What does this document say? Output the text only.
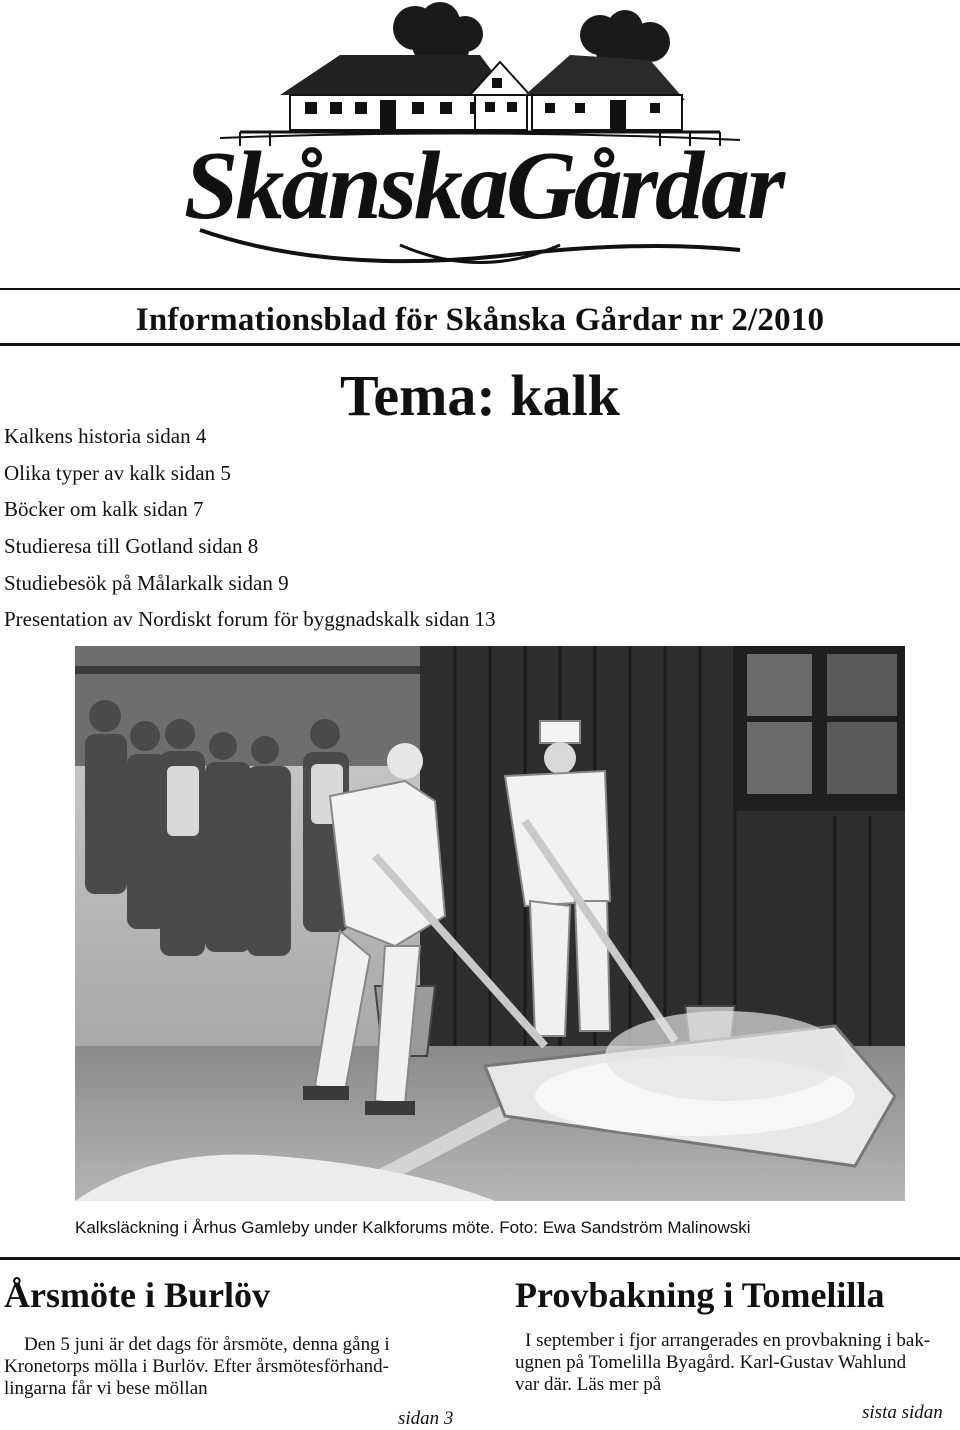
SkånskaGårdar
Informationsblad för Skånska Gårdar nr 2/2010
Tema: kalk
Kalkens historia sidan 4
Olika typer av kalk sidan 5
Böcker om kalk sidan 7
Studieresa till Gotland sidan 8
Studiebesök på Målarkalk sidan 9
Presentation av Nordiskt forum för byggnadskalk sidan 13
Kalksläckning i Århus Gamleby under Kalkforums möte. Foto: Ewa Sandström Malinowski
Årsmöte i Burlöv
Den 5 juni är det dags för årsmöte, denna gång i
Kronetorps mölla i Burlöv. Efter årsmötesförhand-
lingarna får vi bese möllan
sidan 3
Provbakning i Tomelilla
I september i fjor arrangerades en provbakning i bak-
ugnen på Tomelilla Byagård. Karl-Gustav Wahlund
var där. Läs mer på
sista sidan
